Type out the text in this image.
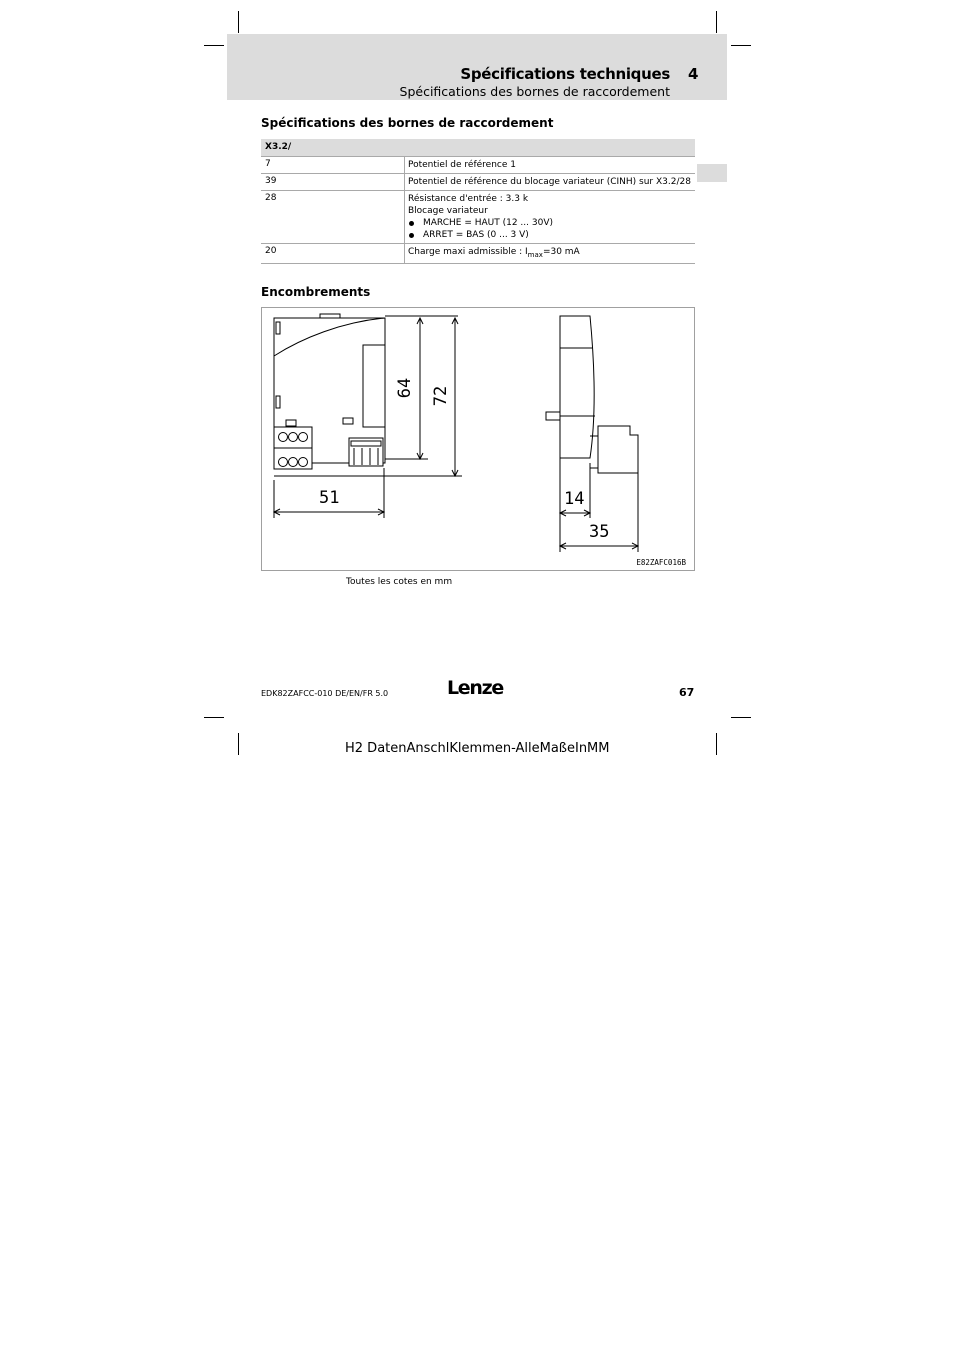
Spécifications techniques 4
Spécifications des bornes de raccordement
Spécifications des bornes de raccordement
X3.2/
7	Potentiel de référence 1
39	Potentiel de référence du blocage variateur (CINH) sur X3.2/28
28	Résistance d'entrée : 3.3 k
Blocage variateur
MARCHE = HAUT (12 ... 30V)
ARRET = BAS (0 ... 3 V)
20	Charge maxi admissible : $I_{max}=30$ mA
Encombrements
64 72
51	14
35
E82ZAFC016B
Toutes les cotes en mm
EDK82ZAFCC-010 DE/EN/FR 5.0	Lenze	67
H2 DatenAnschlKlemmen-AlleMaßeInMM
